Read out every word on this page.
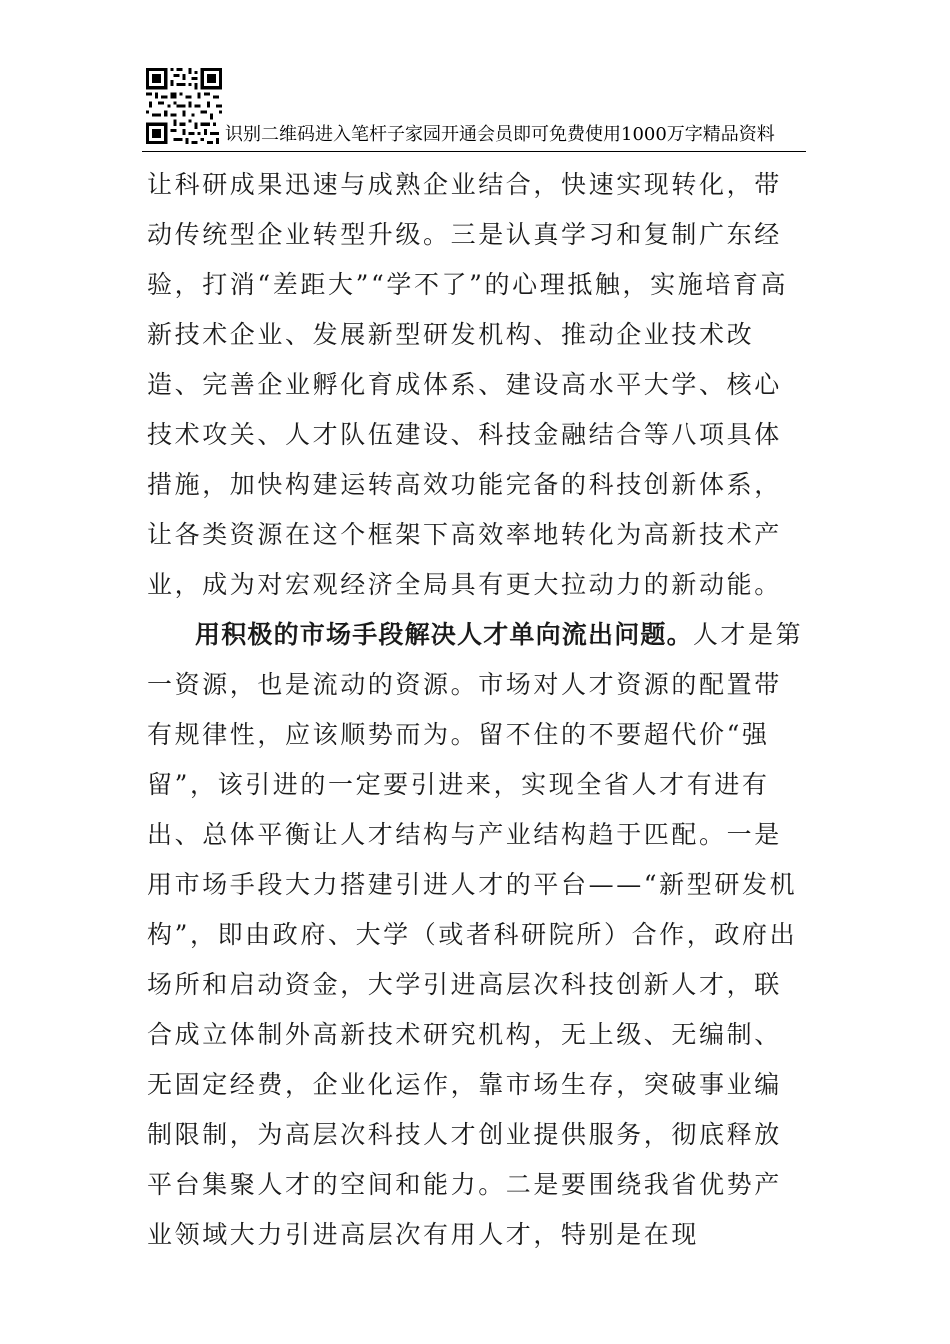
识别二维码进入笔杆子家园开通会员即可免费使用1000万字精品资料

让科研成果迅速与成熟企业结合，快速实现转化，带动传统型企业转型升级。三是认真学习和复制广东经验，打消“差距大”“学不了”的心理抵触，实施培育高新技术企业、发展新型研发机构、推动企业技术改造、完善企业孵化育成体系、建设高水平大学、核心技术攻关、人才队伍建设、科技金融结合等八项具体措施，加快构建运转高效功能完备的科技创新体系，让各类资源在这个框架下高效率地转化为高新技术产业，成为对宏观经济全局具有更大拉动力的新动能。

用积极的市场手段解决人才单向流出问题。人才是第一资源，也是流动的资源。市场对人才资源的配置带有规律性，应该顺势而为。留不住的不要超代价“强留”，该引进的一定要引进来，实现全省人才有进有出、总体平衡让人才结构与产业结构趋于匹配。一是用市场手段大力搭建引进人才的平台——“新型研发机构”，即由政府、大学（或者科研院所）合作，政府出场所和启动资金，大学引进高层次科技创新人才，联合成立体制外高新技术研究机构，无上级、无编制、无固定经费，企业化运作，靠市场生存，突破事业编制限制，为高层次科技人才创业提供服务，彻底释放平台集聚人才的空间和能力。二是要围绕我省优势产业领域大力引进高层次有用人才，特别是在现
